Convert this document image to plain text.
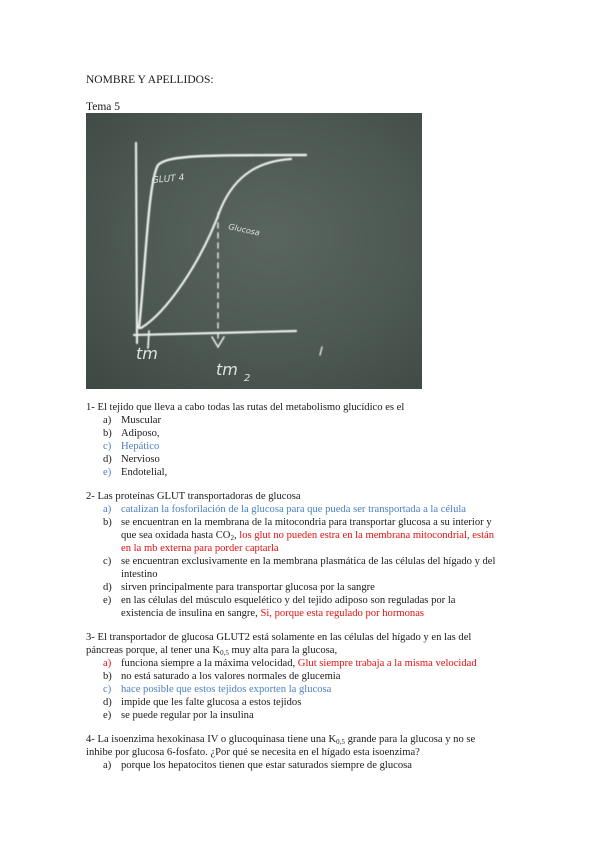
NOMBRE Y APELLIDOS:
Tema 5
GLUT 4
Glucosa
tm
tm 2
1- El tejido que lleva a cabo todas las rutas del metabolismo glucídico es el
a) Muscular
b) Adiposo,
c) Hepático
d) Nervioso
e) Endotelial,
2- Las proteínas GLUT transportadoras de glucosa
a) catalizan la fosforilación de la glucosa para que pueda ser transportada a la célula
b) se encuentran en la membrana de la mitocondria para transportar glucosa a su interior y
que sea oxidada hasta $CO_2$, los glut no pueden estra en la membrana mitocondrial, están
en la mb externa para porder captarla
c) se encuentran exclusivamente en la membrana plasmática de las células del hígado y del
intestino
d) sirven principalmente para transportar glucosa por la sangre
e) en las células del músculo esquelético y del tejido adiposo son reguladas por la
existencia de insulina en sangre, Si, porque esta regulado por hormonas
3- El transportador de glucosa GLUT2 está solamente en las células del hígado y en las del
páncreas porque, al tener una $K_{0,5}$ muy alta para la glucosa,
a) funciona siempre a la máxima velocidad, Glut siempre trabaja a la misma velocidad
b) no está saturado a los valores normales de glucemia
c) hace posible que estos tejidos exporten la glucosa
d) impide que les falte glucosa a estos tejidos
e) se puede regular por la insulina
4- La isoenzima hexokinasa IV o glucoquinasa tiene una $K_{0,5}$ grande para la glucosa y no se
inhibe por glucosa 6-fosfato. ¿Por qué se necesita en el hígado esta isoenzima?
a) porque los hepatocitos tienen que estar saturados siempre de glucosa
